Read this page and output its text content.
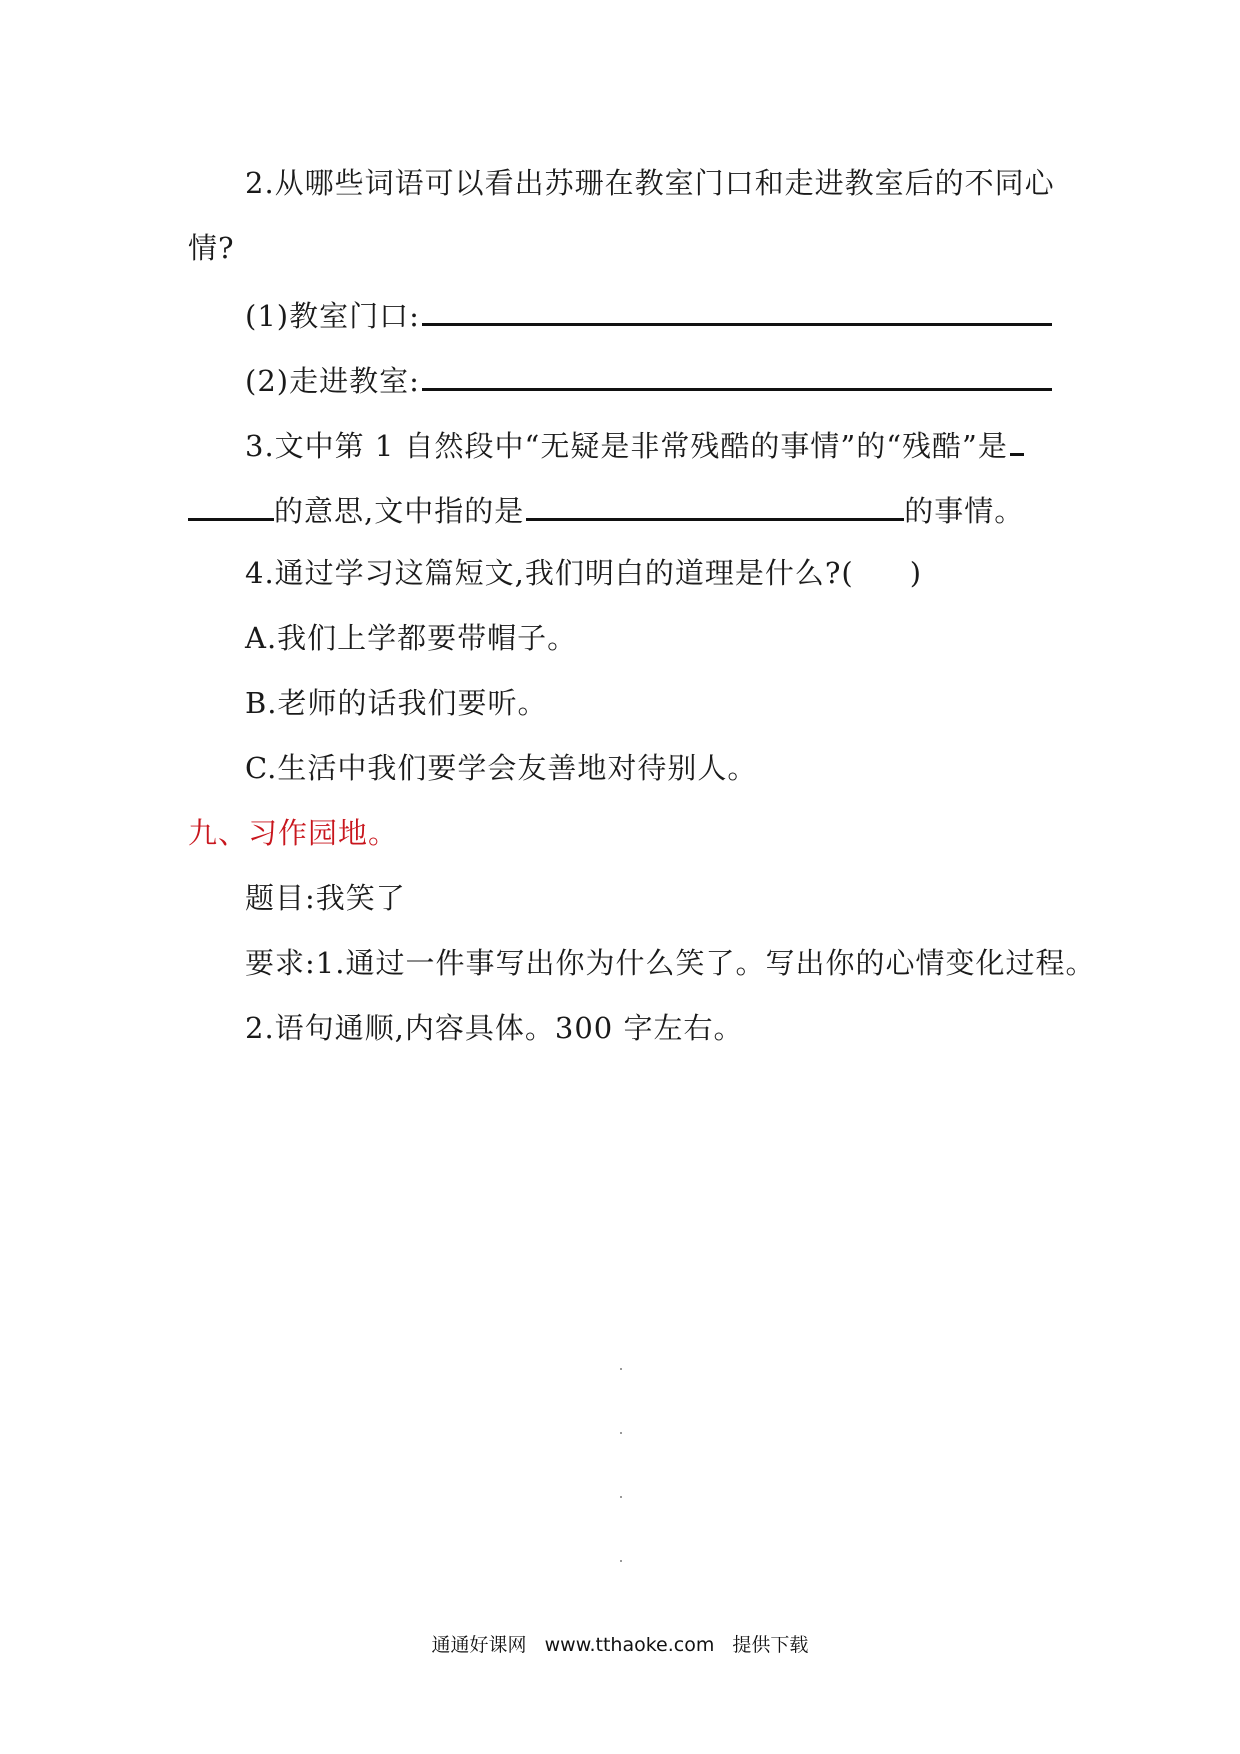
2.从哪些词语可以看出苏珊在教室门口和走进教室后的不同心
情?
(1)教室门口:
(2)走进教室:
3.文中第 1 自然段中“无疑是非常残酷的事情”的“残酷”是
的意思,文中指的是	的事情。
4.通过学习这篇短文,我们明白的道理是什么?( )
A.我们上学都要带帽子。
B.老师的话我们要听。
C.生活中我们要学会友善地对待别人。
九、习作园地。
题目:我笑了
要求:1.通过一件事写出你为什么笑了。写出你的心情变化过程。
2.语句通顺,内容具体。300 字左右。
通通好课网 www.tthaoke.com 提供下载
